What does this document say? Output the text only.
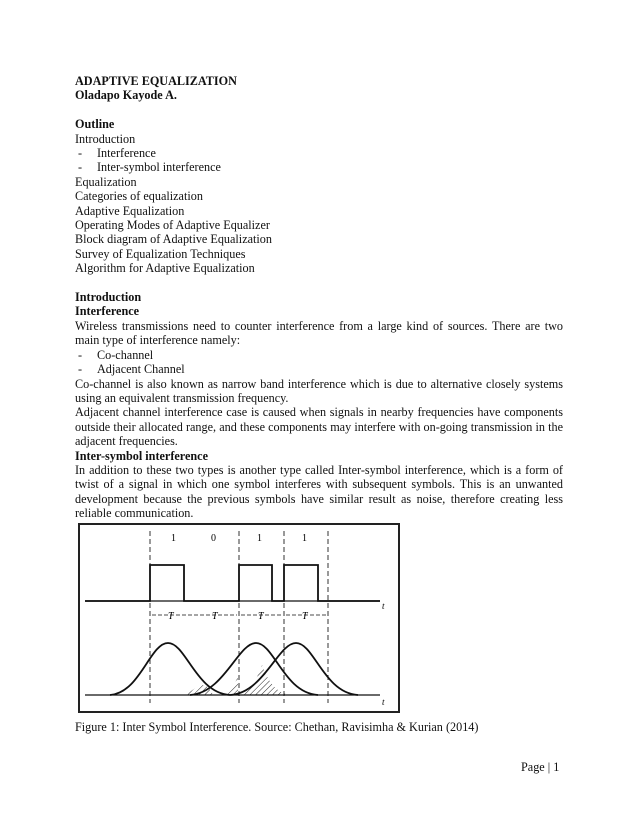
ADAPTIVE EQUALIZATION
Oladapo Kayode A.
Outline
Introduction
-	Interference
-	Inter-symbol interference
Equalization
Categories of equalization
Adaptive Equalization
Operating Modes of Adaptive Equalizer
Block diagram of Adaptive Equalization
Survey of Equalization Techniques
Algorithm for Adaptive Equalization
Introduction
Interference

Wireless transmissions need to counter interference from a large kind of sources. There are two main type of interference namely:

-	Co-channel
-	Adjacent Channel

Co-channel is also known as narrow band interference which is due to alternative closely systems using an equivalent transmission frequency.

Adjacent channel interference case is caused when signals in nearby frequencies have components outside their allocated range, and these components may interfere with on-going transmission in the adjacent frequencies.

Inter-symbol interference

In addition to these two types is another type called Inter-symbol interference, which is a form of twist of a signal in which one symbol interferes with subsequent symbols. This is an unwanted development because the previous symbols have similar result as noise, therefore creating less reliable communication.

1	0	1	1
t
T	T	T	T
t
Figure 1: Inter Symbol Interference. Source: Chethan, Ravisimha & Kurian (2014)
Page | 1
